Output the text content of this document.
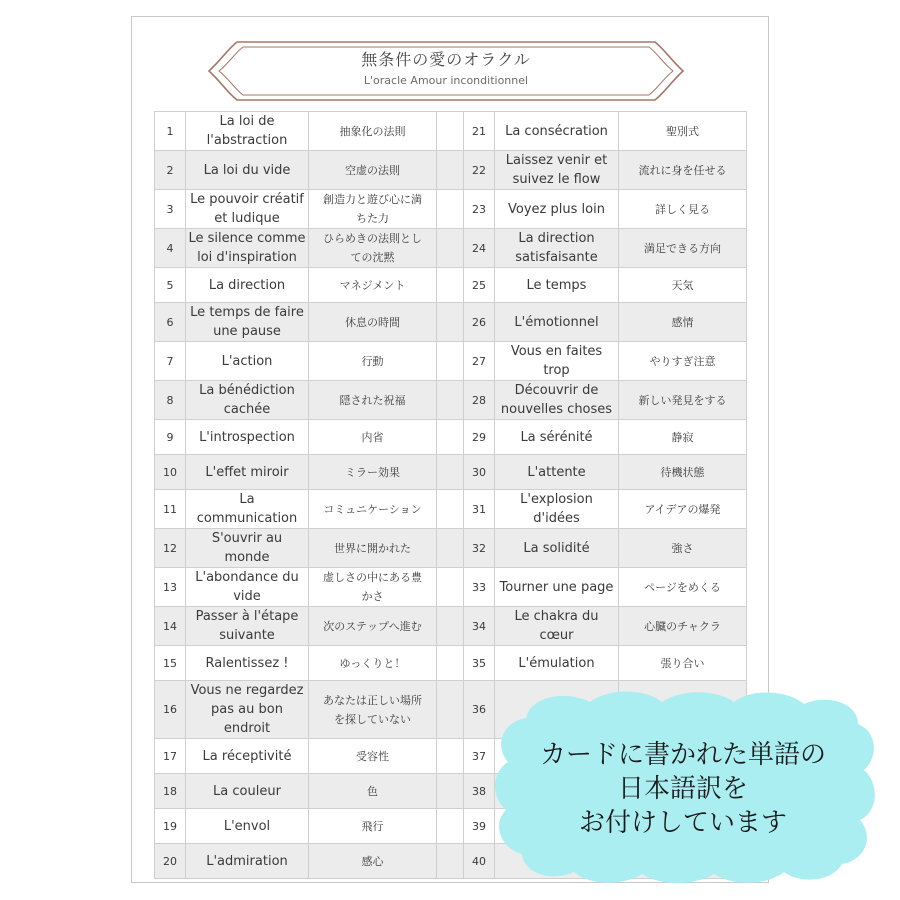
無条件の愛のオラクル
L'oracle Amour inconditionnel
1	La loi de
l'abstraction	抽象化の法則		21	La consécration	聖別式
2	La loi du vide	空虚の法則		22	Laissez venir et
suivez le flow	流れに身を任せる
3	Le pouvoir créatif
et ludique	創造力と遊び心に満
ちた力		23	Voyez plus loin	詳しく見る
4	Le silence comme
loi d'inspiration	ひらめきの法則とし
ての沈黙		24	La direction
satisfaisante	満足できる方向
5	La direction	マネジメント		25	Le temps	天気
6	Le temps de faire
une pause	休息の時間		26	L'émotionnel	感情
7	L'action	行動		27	Vous en faites
trop	やりすぎ注意
8	La bénédiction
cachée	隠された祝福		28	Découvrir de
nouvelles choses	新しい発見をする
9	L'introspection	内省		29	La sérénité	静寂
10	L'effet miroir	ミラー効果		30	L'attente	待機状態
11	La communication	コミュニケーション		31	L'explosion
d'idées	アイデアの爆発
12	S'ouvrir au monde	世界に開かれた		32	La solidité	強さ
13	L'abondance du
vide	虚しさの中にある豊
かさ		33	Tourner une page	ページをめくる
14	Passer à l'étape
suivante	次のステップへ進む		34	Le chakra du
cœur	心臓のチャクラ
15	Ralentissez !	ゆっくりと！		35	L'émulation	張り合い
16	Vous ne regardez
pas au bon
endroit	あなたは正しい場所
を探していない		36		
17	La réceptivité	受容性		37		
18	La couleur	色		38		
19	L'envol	飛行		39		
20	L'admiration	感心		40		
カードに書かれた単語の
日本語訳を
お付けしています
